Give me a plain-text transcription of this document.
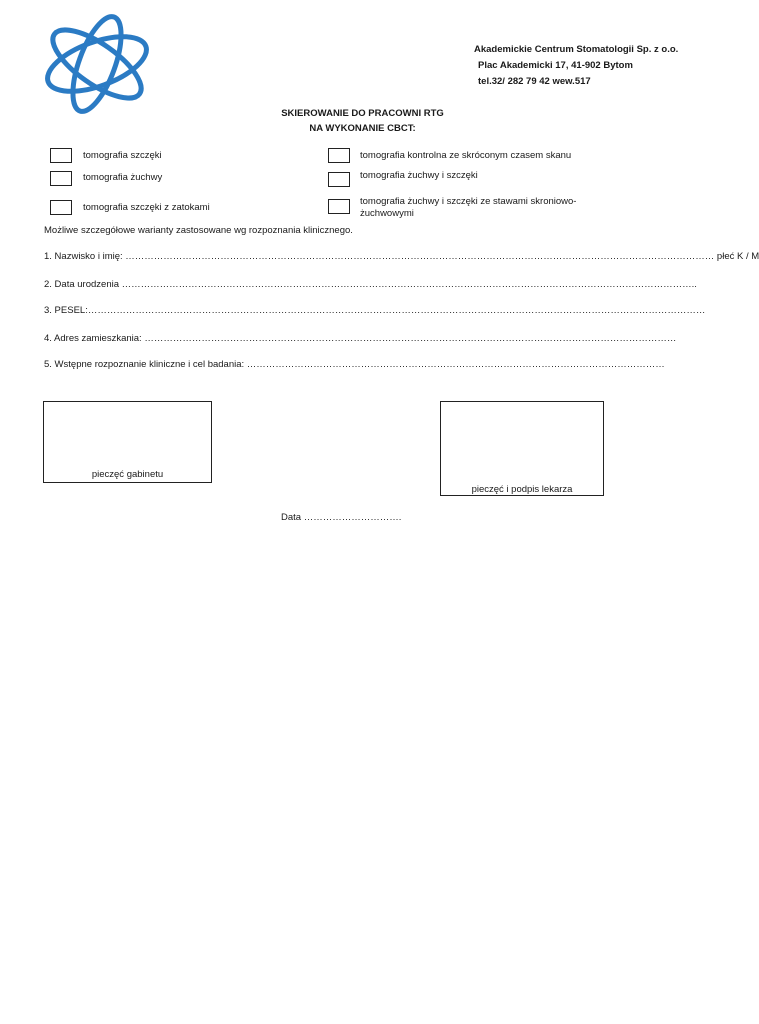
Akademickie Centrum Stomatologii Sp. z o.o.
Plac Akademicki 17, 41-902 Bytom
tel.32/ 282 79 42 wew.517
SKIEROWANIE DO PRACOWNI RTG
NA WYKONANIE CBCT:
tomografia szczęki
tomografia żuchwy
tomografia szczęki z zatokami
tomografia kontrolna ze skróconym czasem skanu
tomografia żuchwy i szczęki
tomografia żuchwy i szczęki ze stawami skroniowo-żuchwowymi
Możliwe szczegółowe warianty zastosowane wg rozpoznania klinicznego.
1. Nazwisko i imię: …………………………………………………………………………………………………………………………………………………………………… płeć K / M
2. Data urodzenia ………………………………………………………………………………………………………………………………………………………………..
3. PESEL:……………………………………………………………………………………………………………………………………………………………………………
4. Adres zamieszkania: ……………………………………………………………………………………………………………………………………………………
5. Wstępne rozpoznanie kliniczne i cel badania: ……………………………………………………………………………………………………………………
pieczęć gabinetu
pieczęć i podpis lekarza
Data ………………………….
